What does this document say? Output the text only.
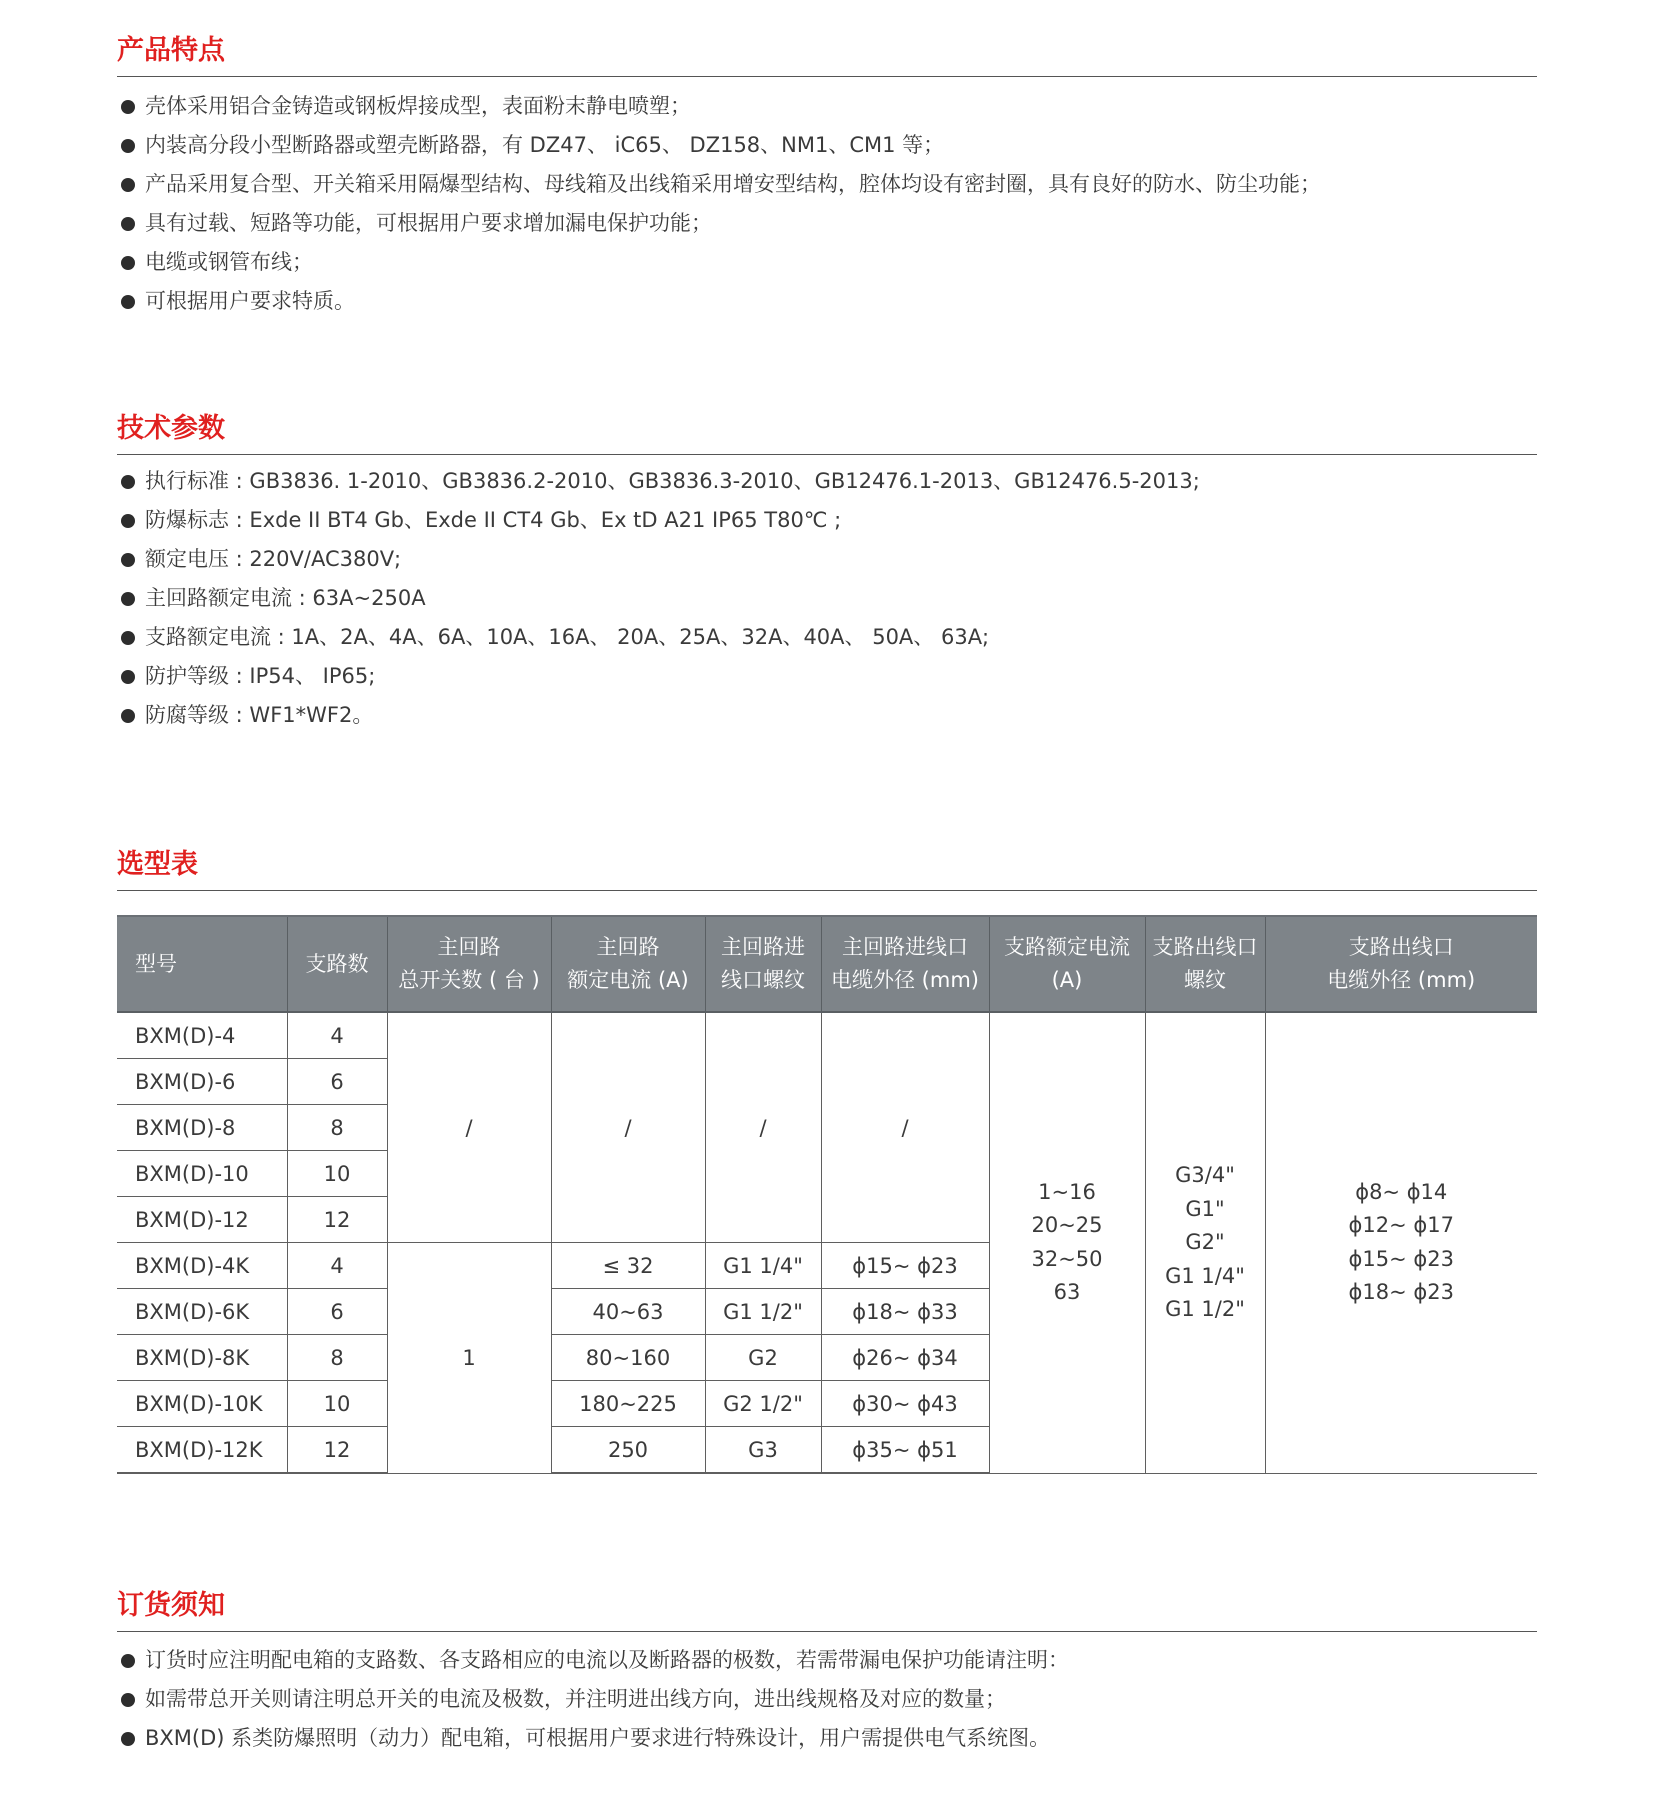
产品特点
壳体采用铝合金铸造或钢板焊接成型，表面粉末静电喷塑；
内装高分段小型断路器或塑壳断路器，有 DZ47、 iC65、 DZ158、NM1、CM1 等；
产品采用复合型、开关箱采用隔爆型结构、母线箱及出线箱采用增安型结构，腔体均设有密封圈，具有良好的防水、防尘功能；
具有过载、短路等功能，可根据用户要求增加漏电保护功能；
电缆或钢管布线；
可根据用户要求特质。
技术参数
执行标准 : GB3836. 1-2010、GB3836.2-2010、GB3836.3-2010、GB12476.1-2013、GB12476.5-2013;
防爆标志 : Exde II BT4 Gb、Exde II CT4 Gb、Ex tD A21 IP65 T80℃ ;
额定电压 : 220V/AC380V;
主回路额定电流 : 63A~250A
支路额定电流 : 1A、2A、4A、6A、10A、16A、 20A、25A、32A、40A、 50A、 63A;
防护等级 : IP54、 IP65;
防腐等级 : WF1*WF2。
选型表
型号	支路数	主回路
总开关数 ( 台 )	主回路
额定电流 (A)	主回路进
线口螺纹	主回路进线口
电缆外径 (mm)	支路额定电流
(A)	支路出线口
螺纹	支路出线口
电缆外径 (mm)

BXM(D)-4	4	/	/	/	/	1~16
20~25
32~50
63	G3/4"
G1"
G2"
G1 1/4"
G1 1/2"	ϕ8~ ϕ14
ϕ12~ ϕ17
ϕ15~ ϕ23
ϕ18~ ϕ23

BXM(D)-6	6							
BXM(D)-8	8							
BXM(D)-10	10							
BXM(D)-12	12							
BXM(D)-4K	4	1	≤ 32	G1 1/4"	ϕ15~ ϕ23			
BXM(D)-6K	6		40~63	G1 1/2"	ϕ18~ ϕ33			
BXM(D)-8K	8		80~160	G2	ϕ26~ ϕ34			
BXM(D)-10K	10		180~225	G2 1/2"	ϕ30~ ϕ43			
BXM(D)-12K	12		250	G3	ϕ35~ ϕ51			
订货须知
订货时应注明配电箱的支路数、各支路相应的电流以及断路器的极数，若需带漏电保护功能请注明：
如需带总开关则请注明总开关的电流及极数，并注明进出线方向，进出线规格及对应的数量；
BXM(D) 系类防爆照明（动力）配电箱，可根据用户要求进行特殊设计，用户需提供电气系统图。
